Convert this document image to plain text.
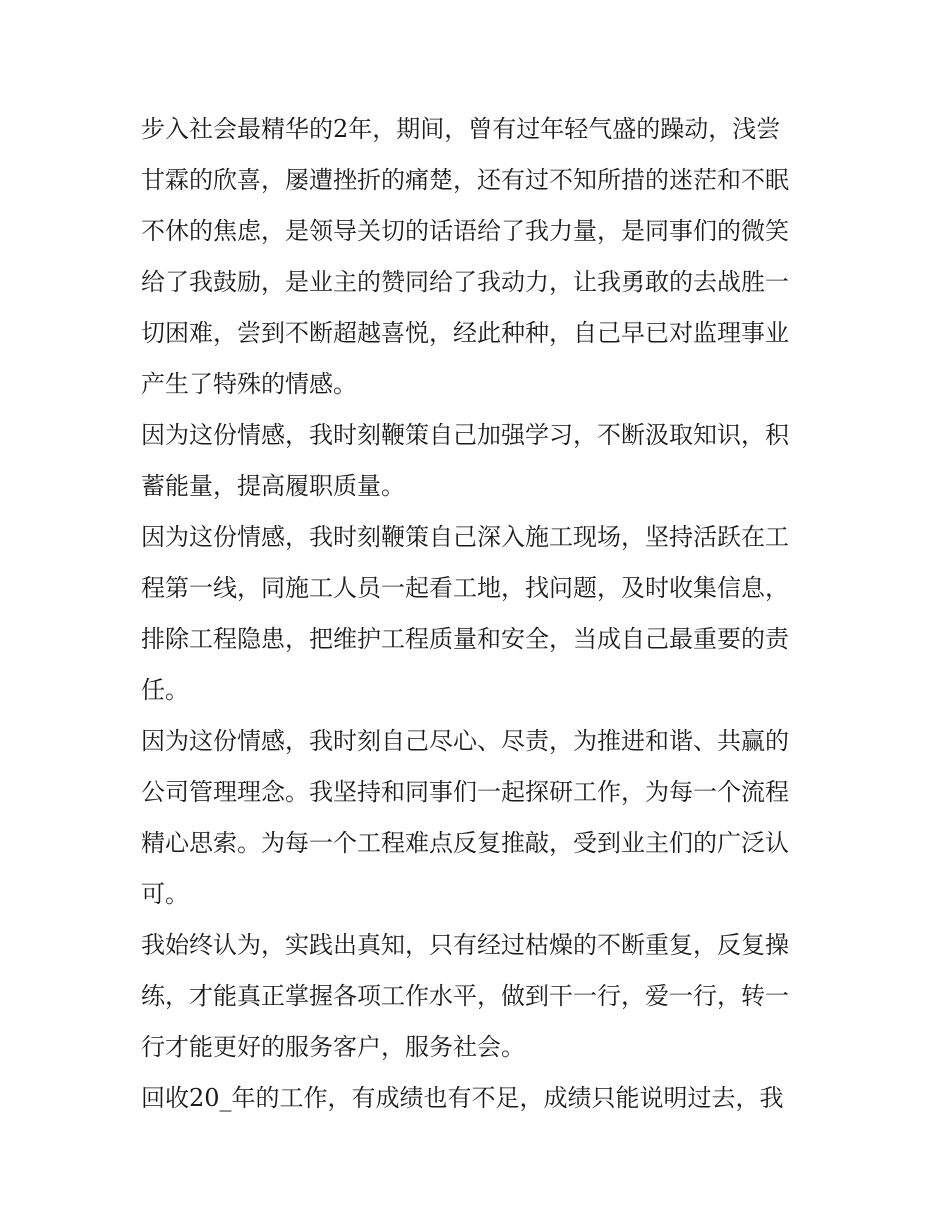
步入社会最精华的2年，期间，曾有过年轻气盛的躁动，浅尝
甘霖的欣喜，屡遭挫折的痛楚，还有过不知所措的迷茫和不眠
不休的焦虑，是领导关切的话语给了我力量，是同事们的微笑
给了我鼓励，是业主的赞同给了我动力，让我勇敢的去战胜一
切困难，尝到不断超越喜悦，经此种种，自己早已对监理事业
产生了特殊的情感。
因为这份情感，我时刻鞭策自己加强学习，不断汲取知识，积
蓄能量，提高履职质量。
因为这份情感，我时刻鞭策自己深入施工现场，坚持活跃在工
程第一线，同施工人员一起看工地，找问题，及时收集信息，
排除工程隐患，把维护工程质量和安全，当成自己最重要的责
任。
因为这份情感，我时刻自己尽心、尽责，为推进和谐、共赢的
公司管理理念。我坚持和同事们一起探研工作，为每一个流程
精心思索。为每一个工程难点反复推敲，受到业主们的广泛认
可。
我始终认为，实践出真知，只有经过枯燥的不断重复，反复操
练，才能真正掌握各项工作水平，做到干一行，爱一行，转一
行才能更好的服务客户，服务社会。
回收20_年的工作，有成绩也有不足，成绩只能说明过去，我
